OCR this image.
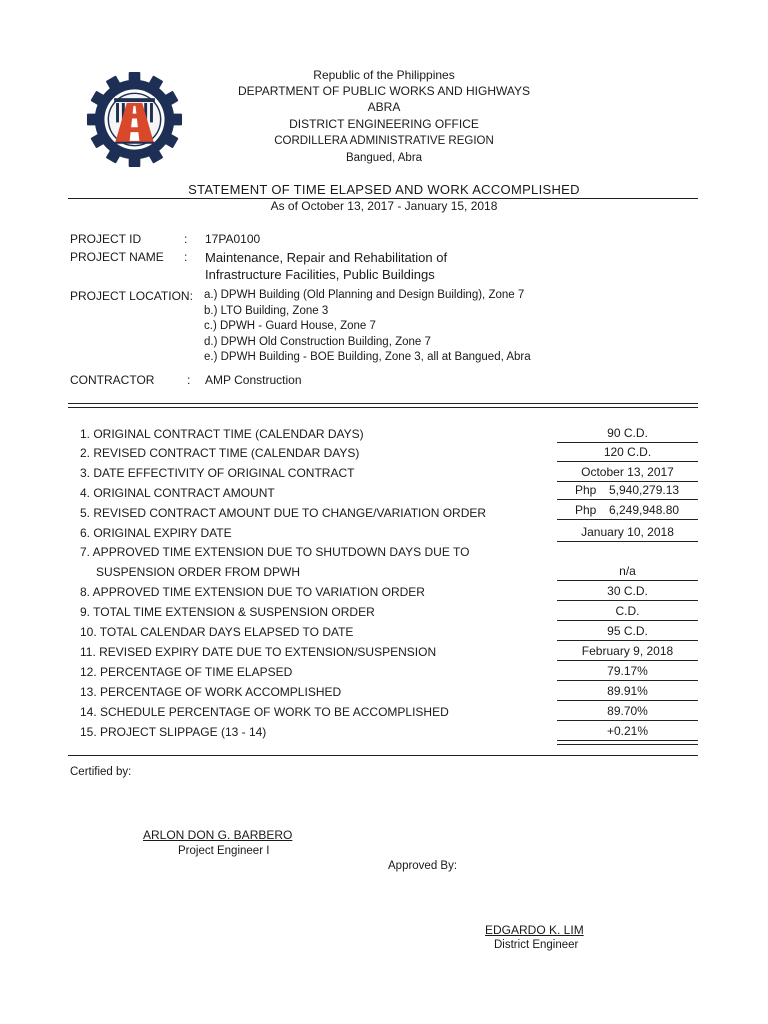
Republic of the Philippines
DEPARTMENT OF PUBLIC WORKS AND HIGHWAYS
ABRA
DISTRICT ENGINEERING OFFICE
CORDILLERA ADMINISTRATIVE REGION
Bangued, Abra
STATEMENT OF TIME ELAPSED AND WORK ACCOMPLISHED
As of October 13, 2017 - January 15, 2018
PROJECT ID	: 17PA0100
PROJECT NAME : Maintenance, Repair and Rehabilitation of
Infrastructure Facilities, Public Buildings
PROJECT LOCATION: a.) DPWH Building (Old Planning and Design Building), Zone 7
b.) LTO Building, Zone 3
c.) DPWH - Guard House, Zone 7
d.) DPWH Old Construction Building, Zone 7
e.) DPWH Building - BOE Building, Zone 3, all at Bangued, Abra
CONTRACTOR	: AMP Construction
1. ORIGINAL CONTRACT TIME (CALENDAR DAYS)	90 C.D.
2. REVISED CONTRACT TIME (CALENDAR DAYS)	120 C.D.
3. DATE EFFECTIVITY OF ORIGINAL CONTRACT	October 13, 2017
4. ORIGINAL CONTRACT AMOUNT	Php 5,940,279.13
5. REVISED CONTRACT AMOUNT DUE TO CHANGE/VARIATION ORDER	Php 6,249,948.80
6. ORIGINAL EXPIRY DATE	January 10, 2018
7. APPROVED TIME EXTENSION DUE TO SHUTDOWN DAYS DUE TO
SUSPENSION ORDER FROM DPWH	n/a
8. APPROVED TIME EXTENSION DUE TO VARIATION ORDER	30 C.D.
9. TOTAL TIME EXTENSION & SUSPENSION ORDER	C.D.
10. TOTAL CALENDAR DAYS ELAPSED TO DATE	95 C.D.
11. REVISED EXPIRY DATE DUE TO EXTENSION/SUSPENSION	February 9, 2018
12. PERCENTAGE OF TIME ELAPSED	79.17%
13. PERCENTAGE OF WORK ACCOMPLISHED	89.91%
14. SCHEDULE PERCENTAGE OF WORK TO BE ACCOMPLISHED	89.70%
15. PROJECT SLIPPAGE (13 - 14)	+0.21%
Certified by:
ARLON DON G. BARBERO
Project Engineer I
Approved By:
EDGARDO K. LIM
District Engineer
